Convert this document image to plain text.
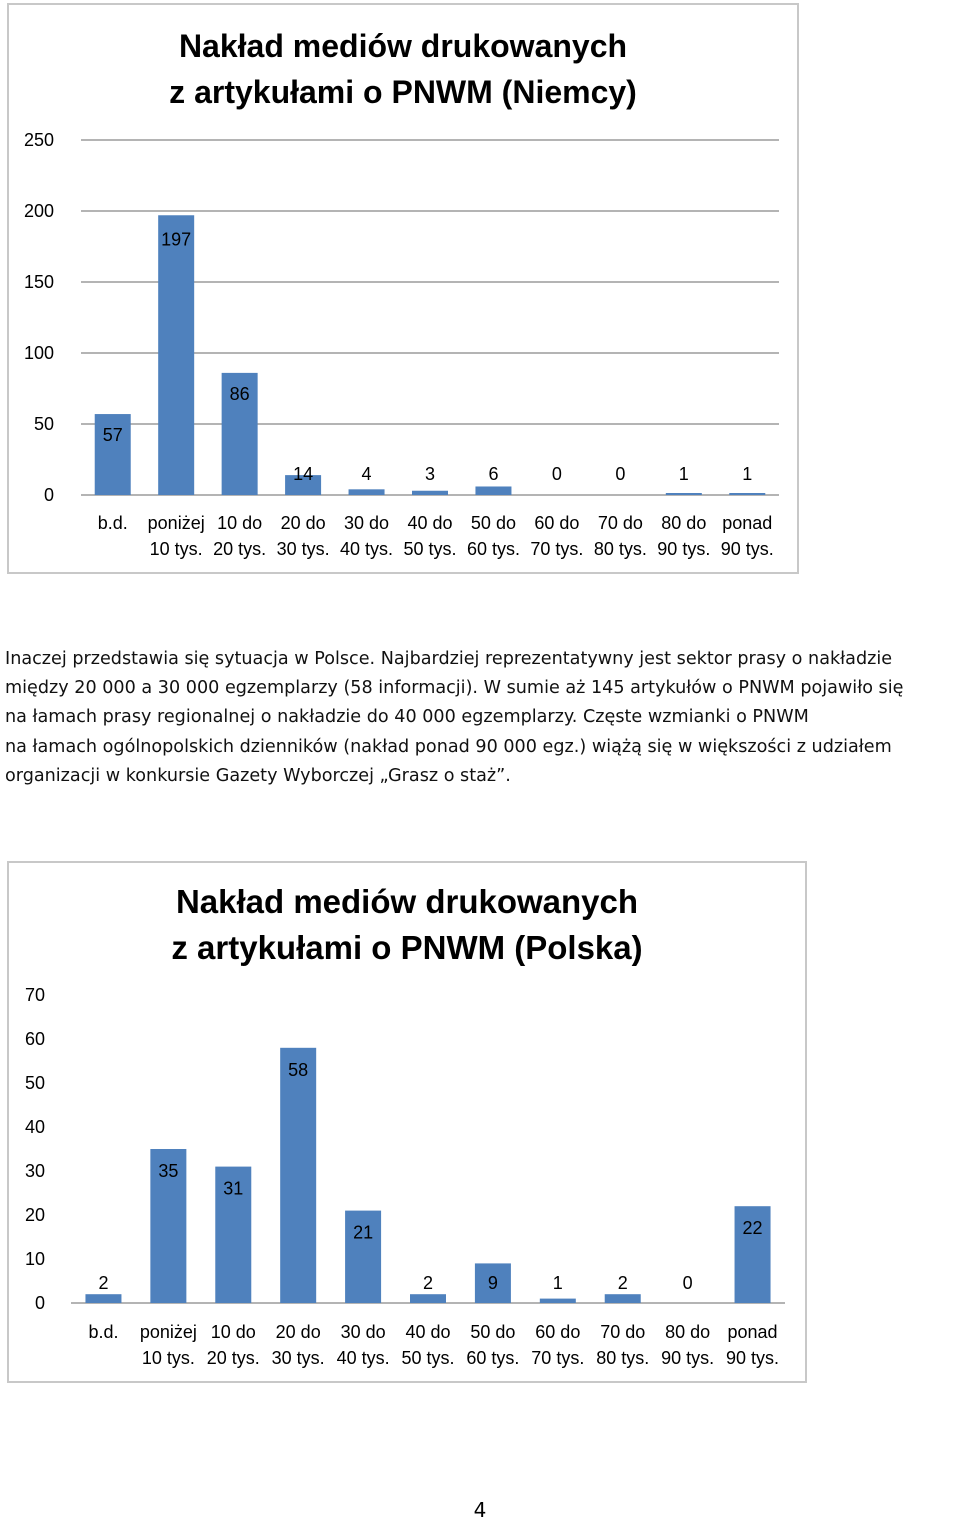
Nakład mediów drukowanych
z artykułami o PNWM (Niemcy)
0
50
100
150
200
250
57
b.d.
197
poniżej
10 tys.
86
10 do
20 tys.
14
20 do
30 tys.
4
30 do
40 tys.
3
40 do
50 tys.
6
50 do
60 tys.
0
60 do
70 tys.
0
70 do
80 tys.
1
80 do
90 tys.
1
ponad
90 tys.
Inaczej przedstawia się sytuacja w Polsce. Najbardziej reprezentatywny jest sektor prasy o nakładzie
między 20 000 a 30 000 egzemplarzy (58 informacji). W sumie aż 145 artykułów o PNWM pojawiło się
na łamach prasy regionalnej o nakładzie do 40 000 egzemplarzy. Częste wzmianki o PNWM
na łamach ogólnopolskich dzienników (nakład ponad 90 000 egz.) wiążą się w większości z udziałem
organizacji w konkursie Gazety Wyborczej „Grasz o staż”.
Nakład mediów drukowanych
z artykułami o PNWM (Polska)
0
10
20
30
40
50
60
70
2
b.d.
35
poniżej
10 tys.
31
10 do
20 tys.
58
20 do
30 tys.
21
30 do
40 tys.
2
40 do
50 tys.
9
50 do
60 tys.
1
60 do
70 tys.
2
70 do
80 tys.
0
80 do
90 tys.
22
ponad
90 tys.
4
